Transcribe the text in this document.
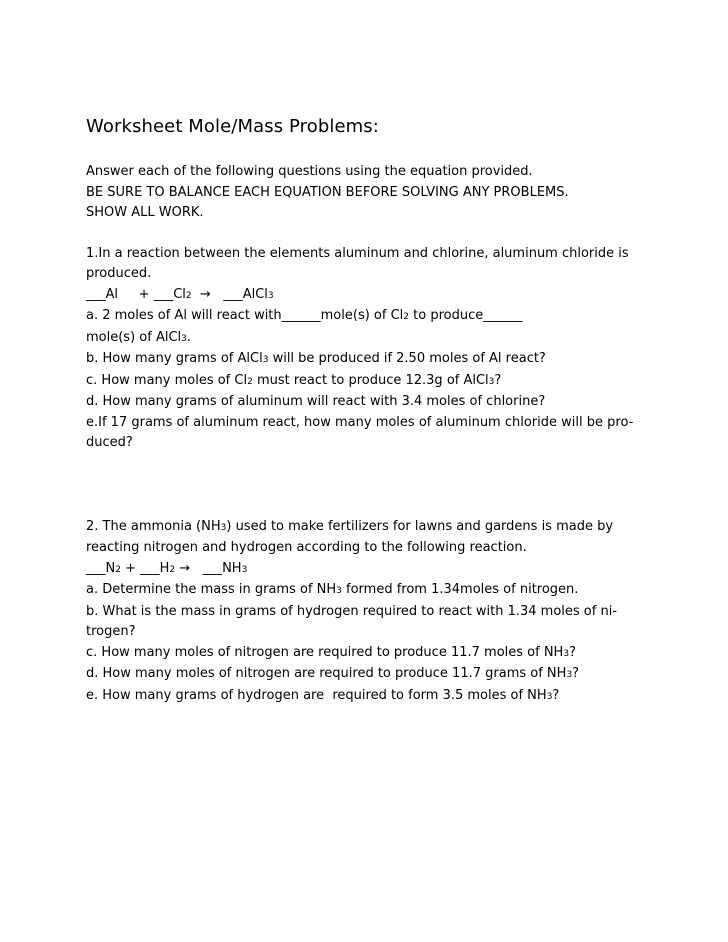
Worksheet Mole/Mass Problems:

Answer each of the following questions using the equation provided.

BE SURE TO BALANCE EACH EQUATION BEFORE SOLVING ANY PROBLEMS.

SHOW ALL WORK.

1.In a reaction between the elements aluminum and chlorine, aluminum chloride is

produced.

___Al     + ___Cl2  →   ___AlCl3

a. 2 moles of Al will react with______mole(s) of Cl2 to produce______

mole(s) of AlCl3.

b. How many grams of AlCl3 will be produced if 2.50 moles of Al react?

c. How many moles of Cl2 must react to produce 12.3g of AlCl3?

d. How many grams of aluminum will react with 3.4 moles of chlorine?

e.If 17 grams of aluminum react, how many moles of aluminum chloride will be pro-

duced?

2. The ammonia (NH3) used to make fertilizers for lawns and gardens is made by

reacting nitrogen and hydrogen according to the following reaction.

___N2 + ___H2 →   ___NH3

a. Determine the mass in grams of NH3 formed from 1.34moles of nitrogen.

b. What is the mass in grams of hydrogen required to react with 1.34 moles of ni-

trogen?

c. How many moles of nitrogen are required to produce 11.7 moles of NH3?

d. How many moles of nitrogen are required to produce 11.7 grams of NH3?

e. How many grams of hydrogen are  required to form 3.5 moles of NH3?
